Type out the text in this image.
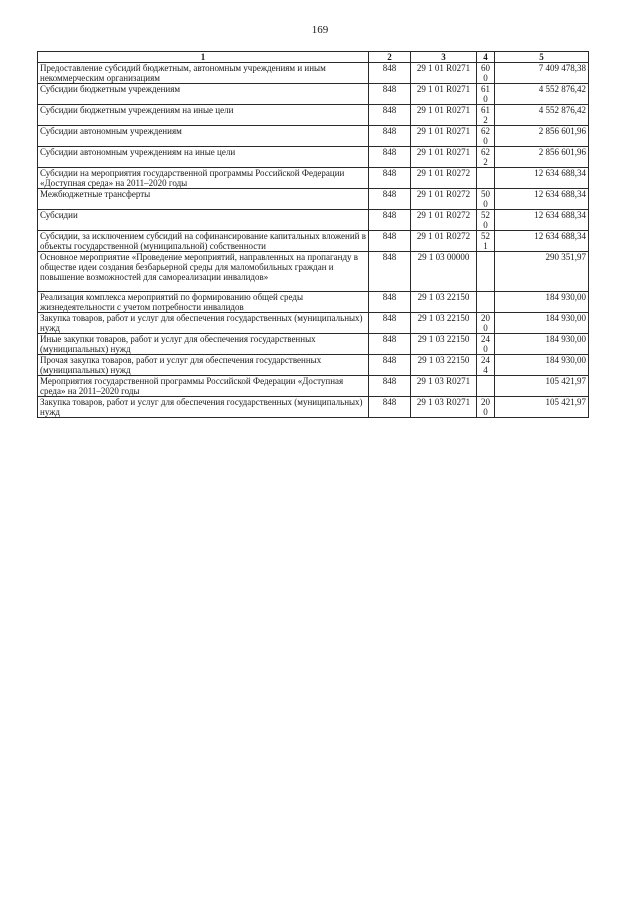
169
1	2	3	4	5
Предоставление субсидий бюджетным, автономным учреждениям и иным некоммерческим организациям	848	29 1 01 R0271	600	7 409 478,38
Субсидии бюджетным учреждениям	848	29 1 01 R0271	610	4 552 876,42
Субсидии бюджетным учреждениям на иные цели	848	29 1 01 R0271	612	4 552 876,42
Субсидии автономным учреждениям	848	29 1 01 R0271	620	2 856 601,96
Субсидии автономным учреждениям на иные цели	848	29 1 01 R0271	622	2 856 601,96
Субсидии на мероприятия государственной программы Российской Федерации «Доступная среда» на 2011–2020 годы	848	29 1 01 R0272		12 634 688,34
Межбюджетные трансферты	848	29 1 01 R0272	500	12 634 688,34
Субсидии	848	29 1 01 R0272	520	12 634 688,34
Субсидии, за исключением субсидий на софинансирование капитальных вложений в объекты государственной (муниципальной) собственности	848	29 1 01 R0272	521	12 634 688,34
Основное мероприятие «Проведение мероприятий, направленных на пропаганду в обществе идеи создания безбарьерной среды для маломобильных граждан и повышение возможностей для самореализации инвалидов»	848	29 1 03 00000		290 351,97
Реализация комплекса мероприятий по формированию общей среды жизнедеятельности с учетом потребности инвалидов	848	29 1 03 22150		184 930,00
Закупка товаров, работ и услуг для обеспечения государственных (муниципальных) нужд	848	29 1 03 22150	200	184 930,00
Иные закупки товаров, работ и услуг для обеспечения государственных (муниципальных) нужд	848	29 1 03 22150	240	184 930,00
Прочая закупка товаров, работ и услуг для обеспечения государственных (муниципальных) нужд	848	29 1 03 22150	244	184 930,00
Мероприятия государственной программы Российской Федерации «Доступная среда» на 2011–2020 годы	848	29 1 03 R0271		105 421,97
Закупка товаров, работ и услуг для обеспечения государственных (муниципальных) нужд	848	29 1 03 R0271	200	105 421,97
